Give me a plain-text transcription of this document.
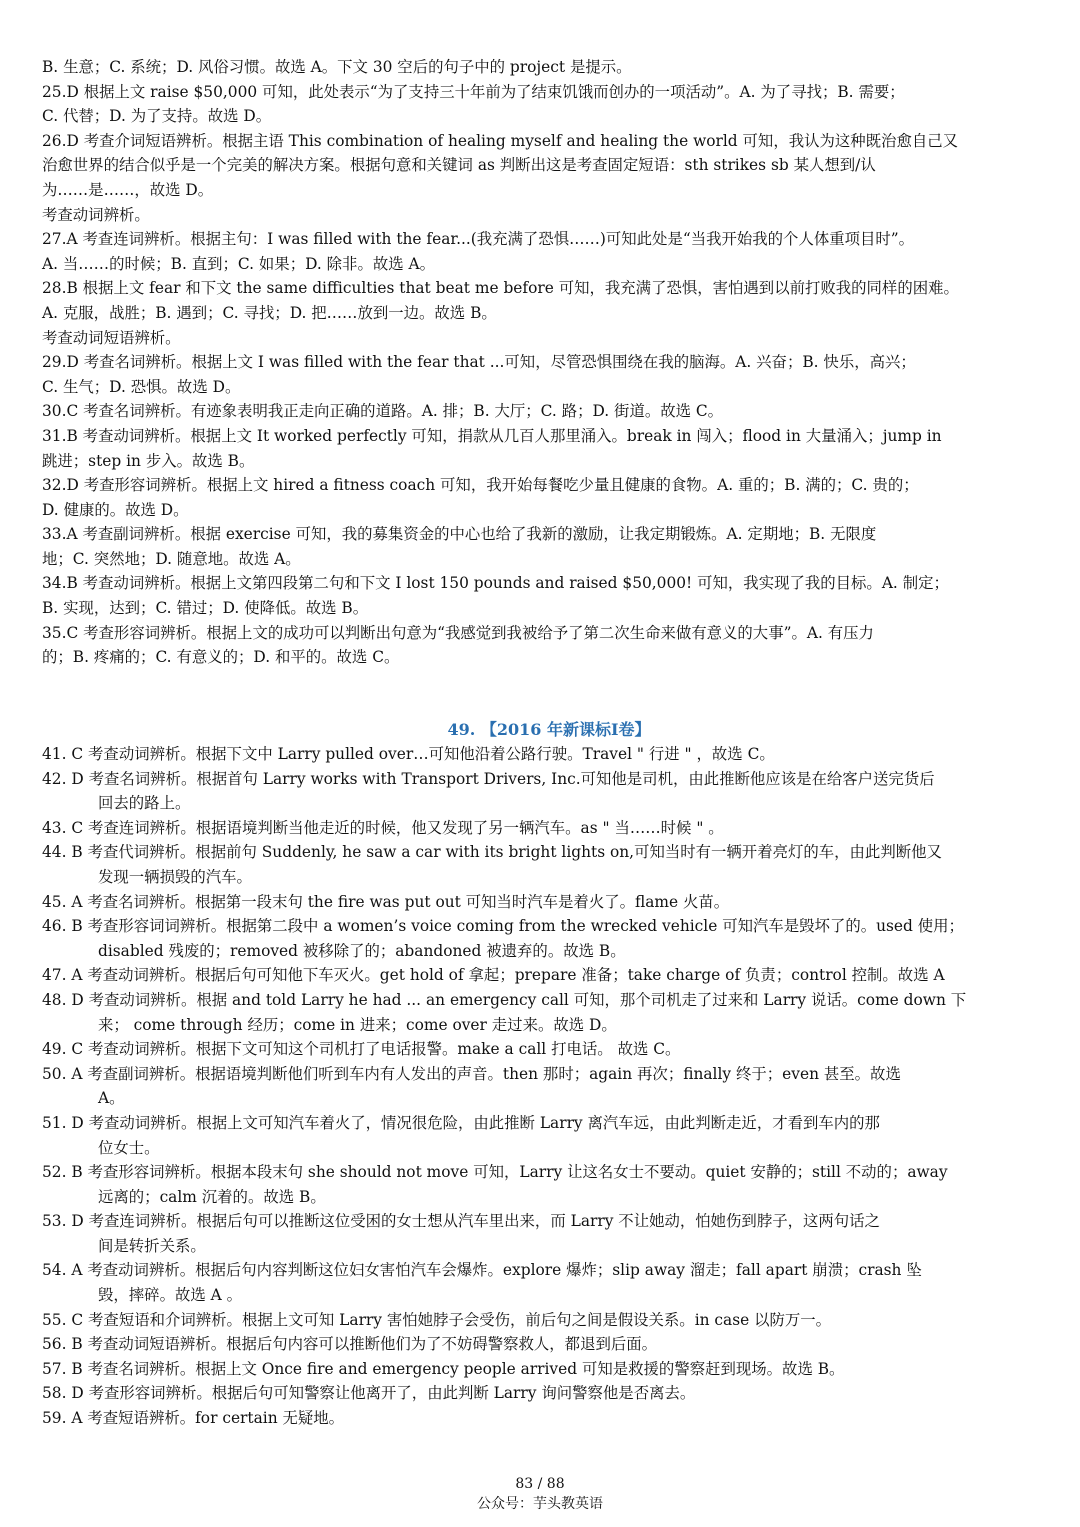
B. 生意；C. 系统；D. 风俗习惯。故选 A。下文 30 空后的句子中的 project 是提示。
25.D 根据上文 raise $50,000 可知，此处表示“为了支持三十年前为了结束饥饿而创办的一项活动”。A. 为了寻找；B. 需要；
C. 代替；D. 为了支持。故选 D。
26.D 考查介词短语辨析。根据主语 This combination of healing myself and healing the world 可知，我认为这种既治愈自己又
治愈世界的结合似乎是一个完美的解决方案。根据句意和关键词 as 判断出这是考查固定短语：sth strikes sb 某人想到/认
为……是……，故选 D。
考查动词辨析。
27.A 考查连词辨析。根据主句：I was filled with the fear...(我充满了恐惧……)可知此处是“当我开始我的个人体重项目时”。
A. 当……的时候；B. 直到；C. 如果；D. 除非。故选 A。
28.B 根据上文 fear 和下文 the same difficulties that beat me before 可知，我充满了恐惧，害怕遇到以前打败我的同样的困难。
A. 克服，战胜；B. 遇到；C. 寻找；D. 把……放到一边。故选 B。
考查动词短语辨析。
29.D 考查名词辨析。根据上文 I was filled with the fear that ...可知，尽管恐惧围绕在我的脑海。A. 兴奋；B. 快乐，高兴；
C. 生气；D. 恐惧。故选 D。
30.C 考查名词辨析。有迹象表明我正走向正确的道路。A. 排；B. 大厅；C. 路；D. 街道。故选 C。
31.B 考查动词辨析。根据上文 It worked perfectly 可知，捐款从几百人那里涌入。break in 闯入；flood in 大量涌入；jump in
跳进；step in 步入。故选 B。
32.D 考查形容词辨析。根据上文 hired a fitness coach 可知，我开始每餐吃少量且健康的食物。A. 重的；B. 满的；C. 贵的；
D. 健康的。故选 D。
33.A 考查副词辨析。根据 exercise 可知，我的募集资金的中心也给了我新的激励，让我定期锻炼。A. 定期地；B. 无限度
地；C. 突然地；D. 随意地。故选 A。
34.B 考查动词辨析。根据上文第四段第二句和下文 I lost 150 pounds and raised $50,000! 可知，我实现了我的目标。A. 制定；
B. 实现，达到；C. 错过；D. 使降低。故选 B。
35.C 考查形容词辨析。根据上文的成功可以判断出句意为“我感觉到我被给予了第二次生命来做有意义的大事”。A. 有压力
的；B. 疼痛的；C. 有意义的；D. 和平的。故选 C。
49. 【2016 年新课标Ⅰ卷】
41. C 考查动词辨析。根据下文中 Larry pulled over…可知他沿着公路行驶。Travel " 行进 " ，故选 C。
42. D 考查名词辨析。根据首句 Larry works with Transport Drivers, Inc.可知他是司机，由此推断他应该是在给客户送完货后
回去的路上。
43. C 考查连词辨析。根据语境判断当他走近的时候，他又发现了另一辆汽车。as " 当……时候 " 。
44. B 考查代词辨析。根据前句 Suddenly, he saw a car with its bright lights on,可知当时有一辆开着亮灯的车，由此判断他又
发现一辆损毁的汽车。
45. A 考查名词辨析。根据第一段末句 the fire was put out 可知当时汽车是着火了。flame 火苗。
46. B 考查形容词词辨析。根据第二段中 a women’s voice coming from the wrecked vehicle 可知汽车是毁坏了的。used 使用；
disabled 残废的；removed 被移除了的；abandoned 被遗弃的。故选 B。
47. A 考查动词辨析。根据后句可知他下车灭火。get hold of 拿起；prepare 准备；take charge of 负责；control 控制。故选 A
48. D 考查动词辨析。根据 and told Larry he had ... an emergency call 可知，那个司机走了过来和 Larry 说话。come down 下
来； come through 经历；come in 进来；come over 走过来。故选 D。
49. C 考查动词辨析。根据下文可知这个司机打了电话报警。make a call 打电话。 故选 C。
50. A 考查副词辨析。根据语境判断他们听到车内有人发出的声音。then 那时；again 再次；finally 终于；even 甚至。故选
A。
51. D 考查动词辨析。根据上文可知汽车着火了，情况很危险，由此推断 Larry 离汽车远，由此判断走近，才看到车内的那
位女士。
52. B 考查形容词辨析。根据本段末句 she should not move 可知，Larry 让这名女士不要动。quiet 安静的；still 不动的；away
远离的；calm 沉着的。故选 B。
53. D 考查连词辨析。根据后句可以推断这位受困的女士想从汽车里出来，而 Larry 不让她动，怕她伤到脖子，这两句话之
间是转折关系。
54. A 考查动词辨析。根据后句内容判断这位妇女害怕汽车会爆炸。explore 爆炸；slip away 溜走；fall apart 崩溃；crash 坠
毁，摔碎。故选 A 。
55. C 考查短语和介词辨析。根据上文可知 Larry 害怕她脖子会受伤，前后句之间是假设关系。in case 以防万一。
56. B 考查动词短语辨析。根据后句内容可以推断他们为了不妨碍警察救人，都退到后面。
57. B 考查名词辨析。根据上文 Once fire and emergency people arrived 可知是救援的警察赶到现场。故选 B。
58. D 考查形容词辨析。根据后句可知警察让他离开了，由此判断 Larry 询问警察他是否离去。
59. A 考查短语辨析。for certain 无疑地。
83 / 88
公众号：芋头教英语
